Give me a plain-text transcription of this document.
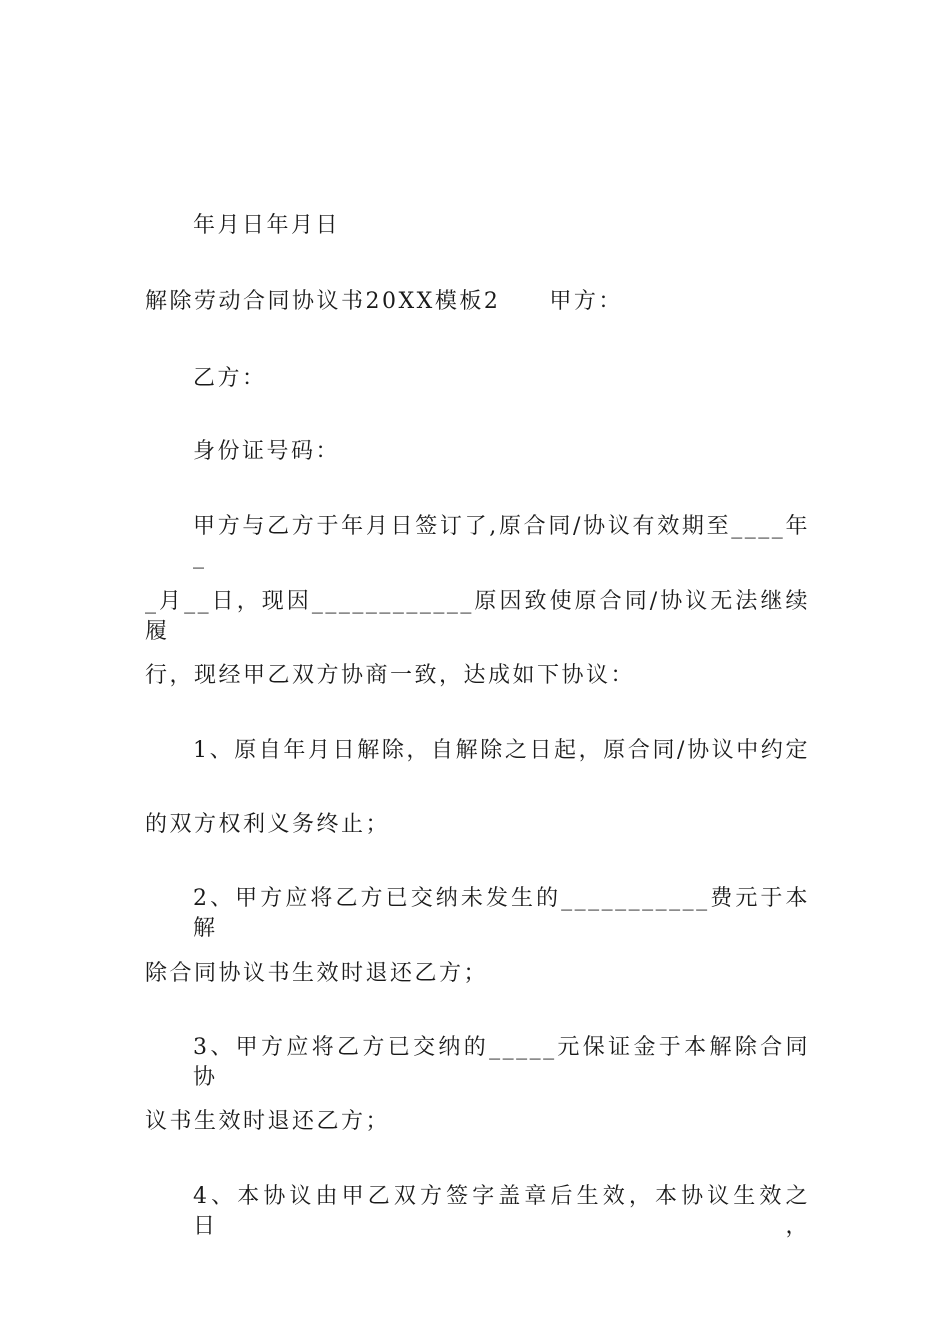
年月日年月日
解除劳动合同协议书20XX模板2　　甲方：
乙方：
身份证号码：
甲方与乙方于年月日签订了,原合同/协议有效期至____年_
_月__日，现因____________原因致使原合同/协议无法继续履
行，现经甲乙双方协商一致，达成如下协议：
1、原自年月日解除，自解除之日起，原合同/协议中约定
的双方权利义务终止；
2、甲方应将乙方已交纳未发生的___________费元于本解
除合同协议书生效时退还乙方；
3、甲方应将乙方已交纳的_____元保证金于本解除合同协
议书生效时退还乙方；
4、本协议由甲乙双方签字盖章后生效，本协议生效之日，
